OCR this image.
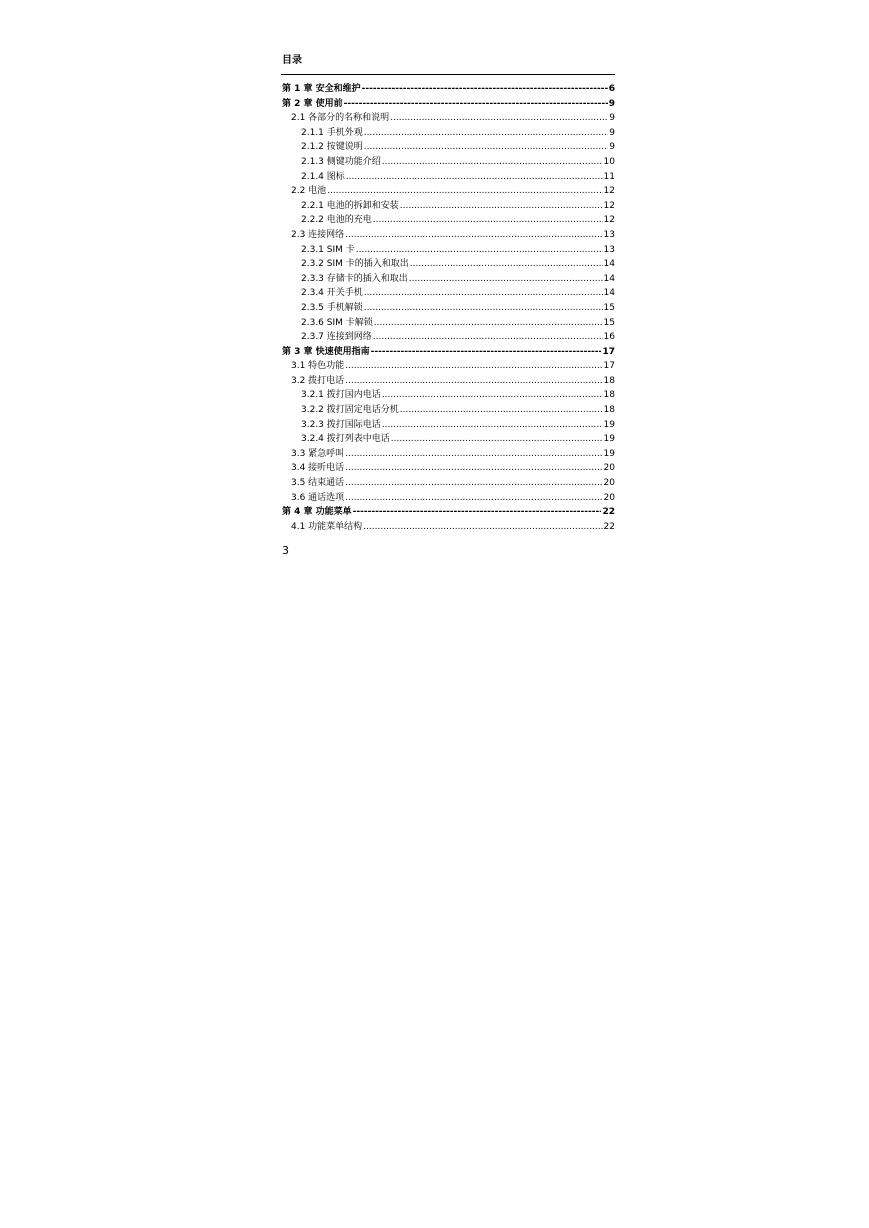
目录
第 1 章 安全和维护 -----	6
第 2 章 使用前 -----	9
2.1 各部分的名称和说明 .....	9
2.1.1 手机外观 .....	9
2.1.2 按键说明 .....	9
2.1.3 侧键功能介绍 .....	10
2.1.4 图标 .....	11
2.2 电池 .....	12
2.2.1 电池的拆卸和安装 .....	12
2.2.2 电池的充电 .....	12
2.3 连接网络 .....	13
2.3.1 SIM 卡 .....	13
2.3.2 SIM 卡的插入和取出 .....	14
2.3.3 存储卡的插入和取出 .....	14
2.3.4 开关手机 .....	14
2.3.5 手机解锁 .....	15
2.3.6 SIM 卡解锁 .....	15
2.3.7 连接到网络 .....	16
第 3 章 快速使用指南 -----	17
3.1 特色功能 .....	17
3.2 拨打电话 .....	18
3.2.1 拨打国内电话 .....	18
3.2.2 拨打固定电话分机 .....	18
3.2.3 拨打国际电话 .....	19
3.2.4 拨打列表中电话 .....	19
3.3 紧急呼叫 .....	19
3.4 接听电话 .....	20
3.5 结束通话 .....	20
3.6 通话选项 .....	20
第 4 章 功能菜单 -----	22
4.1 功能菜单结构 .....	22
3
